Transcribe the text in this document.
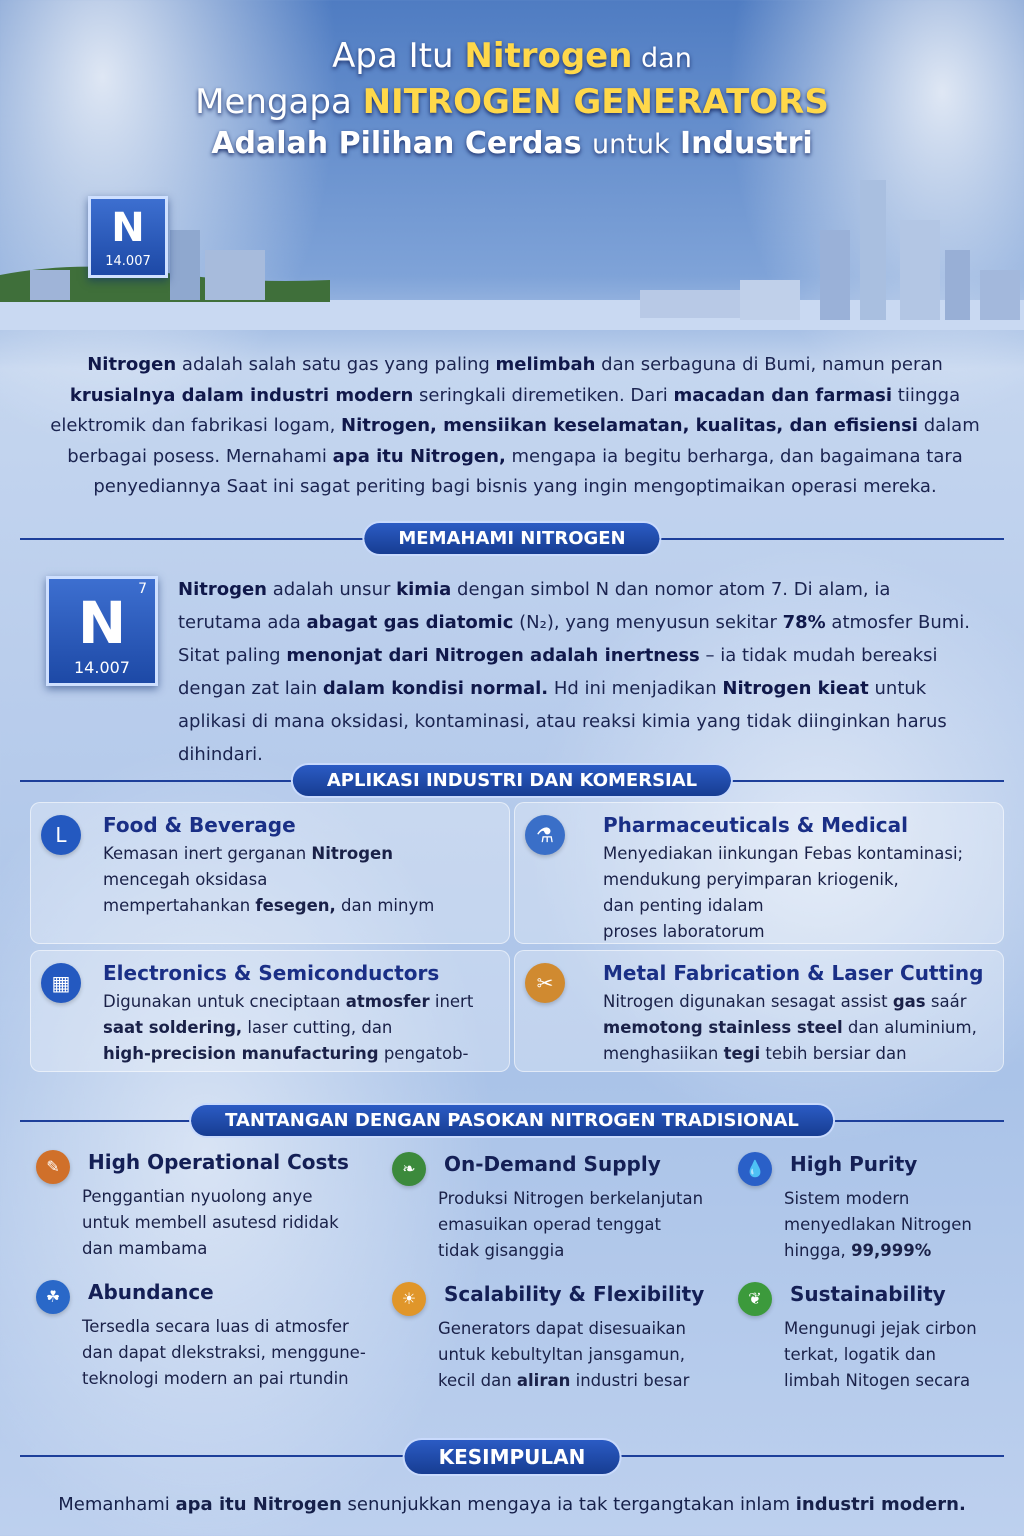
N
14.007
Apa Itu Nitrogen dan
Mengapa NITROGEN GENERATORS
Adalah Pilihan Cerdas untuk Industri
Nitrogen adalah salah satu gas yang paling melimbah dan serbaguna di Bumi, namun peran
krusialnya dalam industri modern seringkali diremetiken. Dari macadan dan farmasi tiingga
elektromik dan fabrikasi logam, Nitrogen, mensiikan keselamatan, kualitas, dan efisiensi dalam
berbagai posess. Mernahami apa itu Nitrogen, mengapa ia begitu berharga, dan bagaimana tara
penyediannya Saat ini sagat periting bagi bisnis yang ingin mengoptimaikan operasi mereka.
MEMAHAMI NITROGEN
7
N
14.007
Nitrogen adalah unsur kimia dengan simbol N dan nomor atom 7. Di alam, ia
terutama ada abagat gas diatomic (N₂), yang menyusun sekitar 78% atmosfer Bumi.
Sitat paling menonjat dari Nitrogen adalah inertness – ia tidak mudah bereaksi
dengan zat lain dalam kondisi normal. Hd ini menjadikan Nitrogen kieat untuk
aplikasi di mana oksidasi, kontaminasi, atau reaksi kimia yang tidak diinginkan harus dihindari.
APLIKASI INDUSTRI DAN KOMERSIAL
L	Food & Beverage
Kemasan inert gerganan Nitrogen
mencegah oksidasa
mempertahankan fesegen, dan minym
⚗	Pharmaceuticals & Medical
Menyediakan iinkungan Febas kontaminasi;
mendukung peryimparan kriogenik,
dan penting idalam
proses laboratorum
▦	Electronics & Semiconductors
Digunakan untuk cneciptaan atmosfer inert
saat soldering, laser cutting, dan
high-precision manufacturing pengatob-
✂	Metal Fabrication & Laser Cutting
Nitrogen digunakan sesagat assist gas saár
memotong stainless steel dan aluminium,
menghasiikan tegi tebih bersiar dan
TANTANGAN DENGAN PASOKAN NITROGEN TRADISIONAL
✎	High Operational Costs
Penggantian nyuolong anye
untuk membell asutesd rididak
dan mambama
❧	On-Demand Supply
Produksi Nitrogen berkelanjutan
emasuikan operad tenggat
tidak gisanggia
💧	High Purity
Sistem modern
menyedlakan Nitrogen
hingga, 99,999%
☘	Abundance
Tersedla secara luas di atmosfer
dan dapat dlekstraksi, menggune-
teknologi modern an pai rtundin
☀	Scalability & Flexibility
Generators dapat disesuaikan
untuk kebultyltan jansgamun,
kecil dan aliran industri besar
❦	Sustainability
Mengunugi jejak cirbon
terkat, logatik dan
limbah Nitogen secara
KESIMPULAN
Memanhami apa itu Nitrogen senunjukkan mengaya ia tak tergangtakan inlam industri modern.
